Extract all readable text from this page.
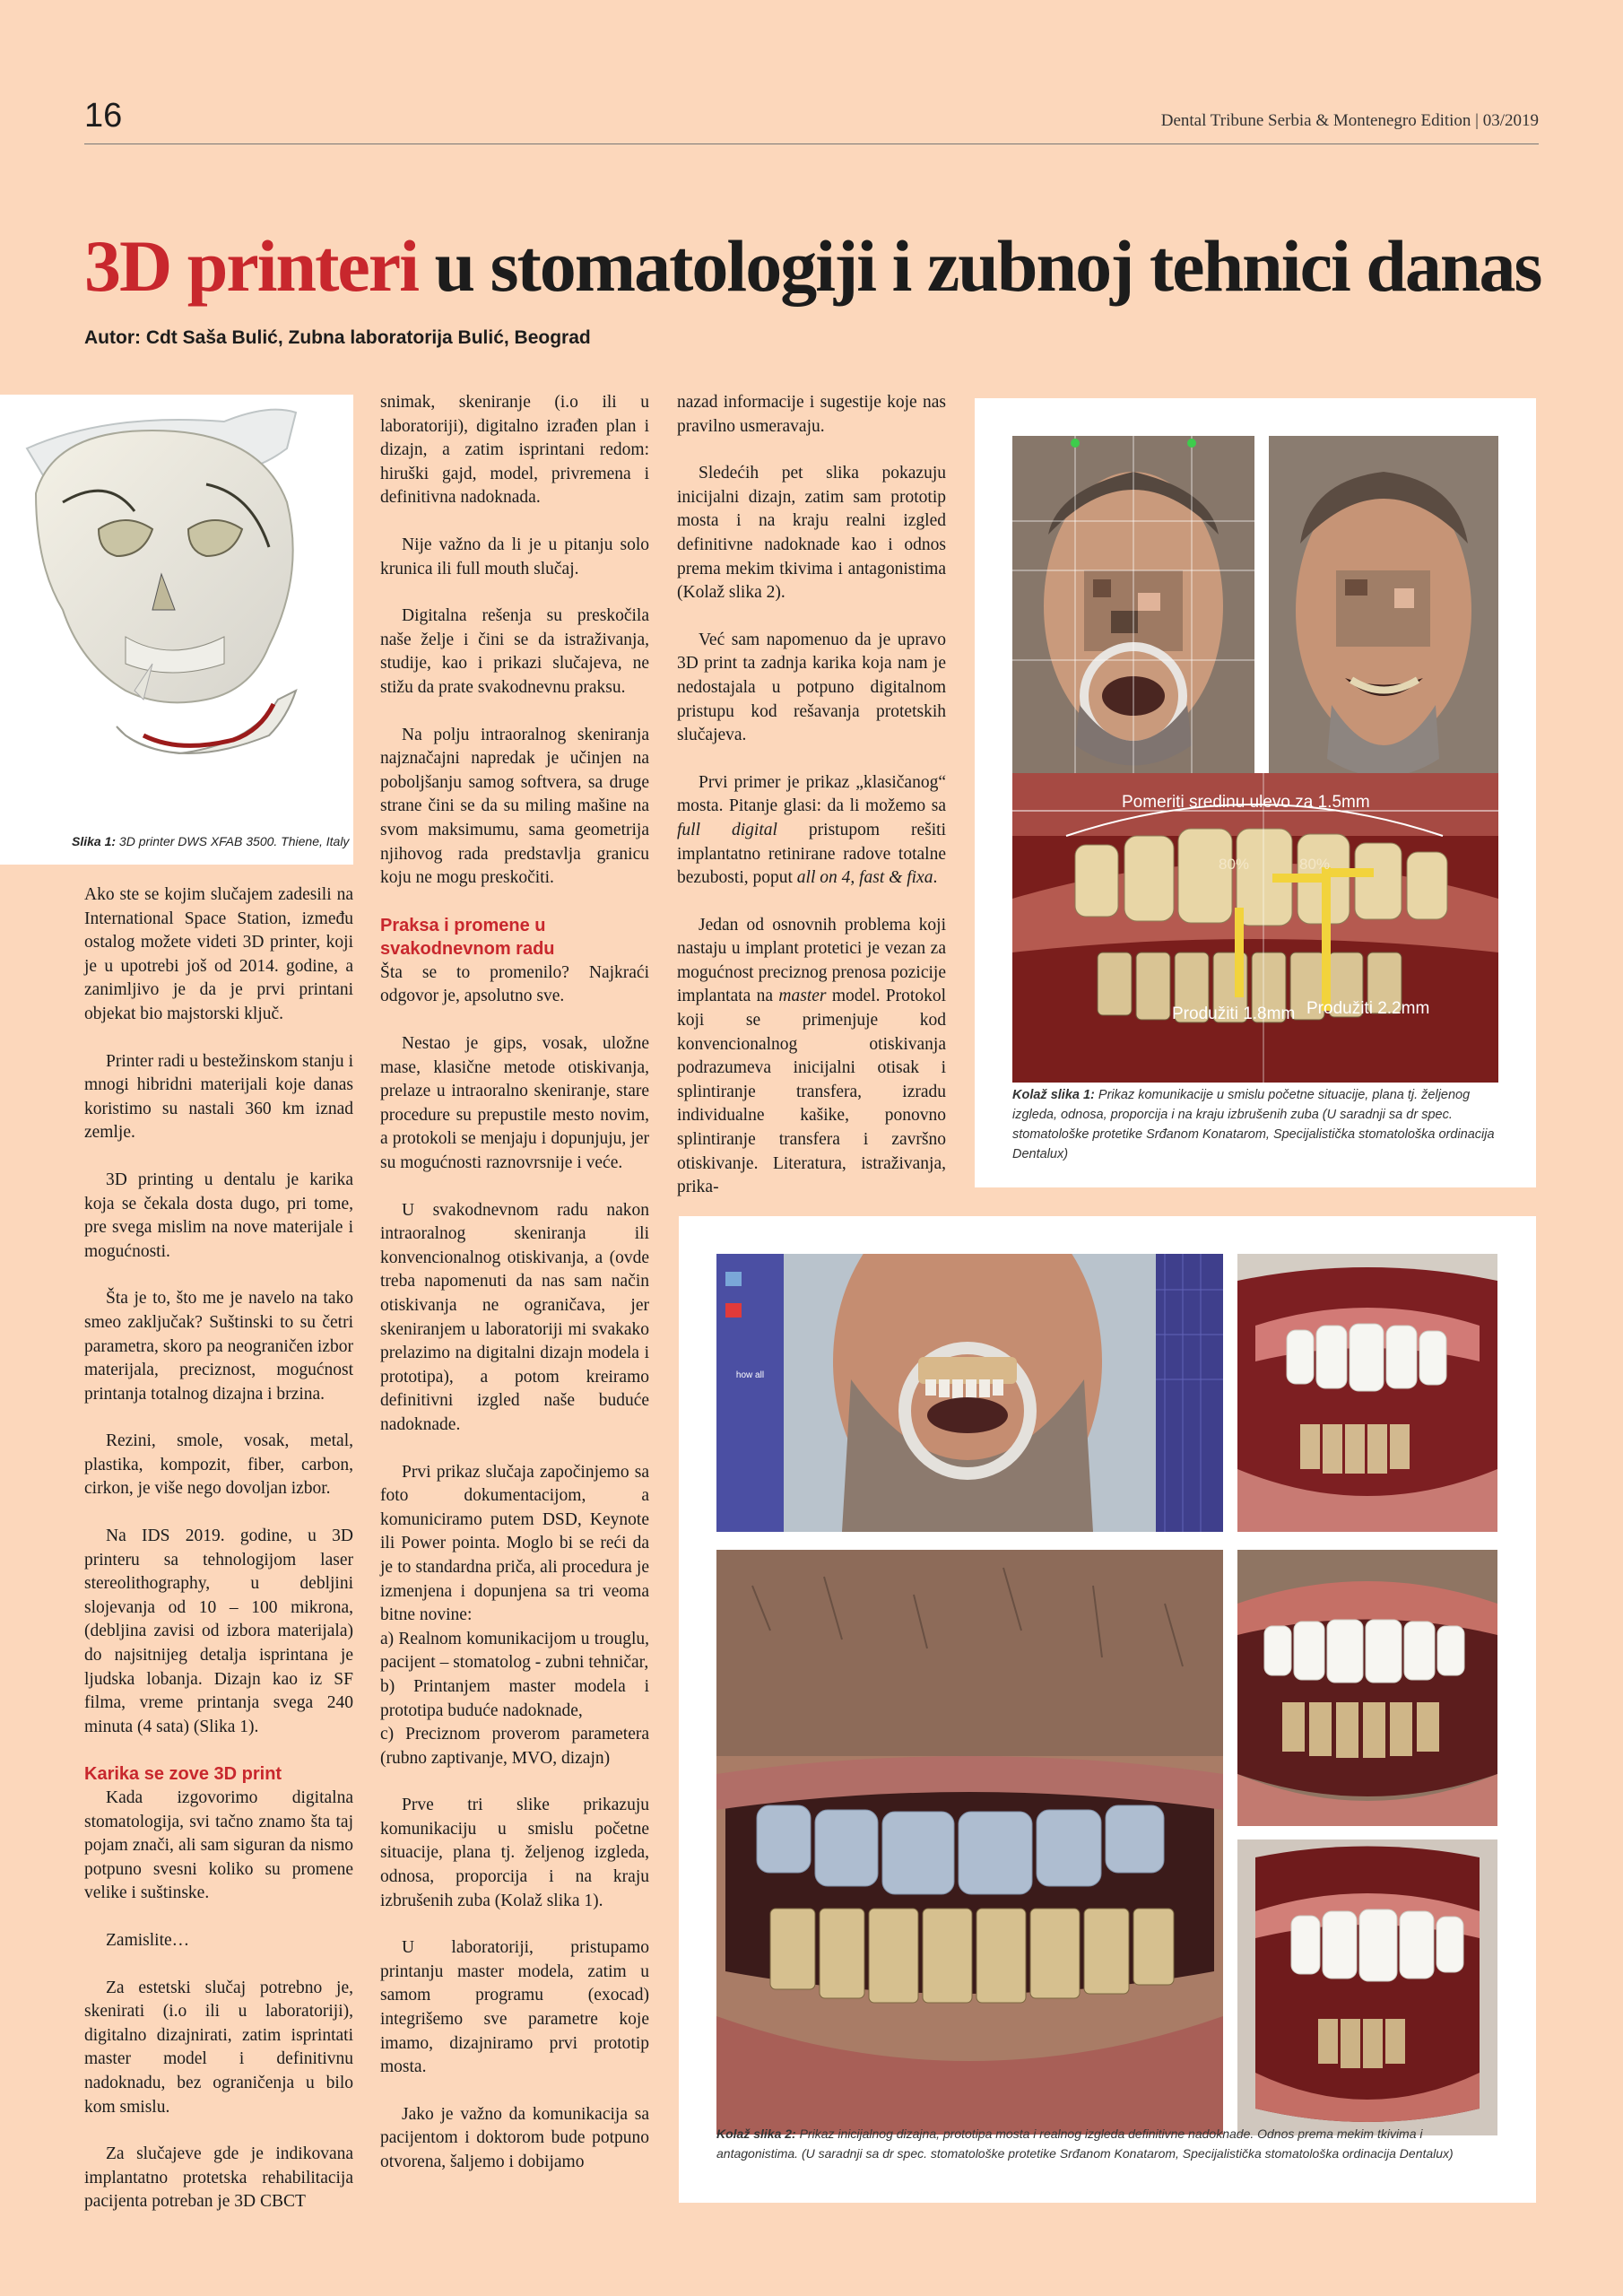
16	Dental Tribune Serbia & Montenegro Edition | 03/2019
3D printeri u stomatologiji i zubnoj tehnici danas
Autor: Cdt Saša Bulić, Zubna laboratorija Bulić, Beograd
Slika 1: 3D printer DWS XFAB 3500. Thiene, Italy

Ako ste se kojim slučajem zadesili na International Space Station, između ostalog možete videti 3D printer, koji je u upotrebi još od 2014. godine, a zanimljivo je da je prvi printani objekat bio majstorski ključ.

Printer radi u bestežinskom stanju i mnogi hibridni materijali koje danas koristimo su nastali 360 km iznad zemlje.

3D printing u dentalu je karika koja se čekala dosta dugo, pri tome, pre svega mislim na nove materijale i mogućnosti.

Šta je to, što me je navelo na tako smeo zaključak? Suštinski to su četri parametra, skoro pa neograničen izbor materijala, preciznost, mogućnost printanja totalnog dizajna i brzina.

Rezini, smole, vosak, metal, plastika, kompozit, fiber, carbon, cirkon, je više nego dovoljan izbor.

Na IDS 2019. godine, u 3D printeru sa tehnologijom laser stereolithography, u debljini slojevanja od 10 – 100 mikrona, (debljina zavisi od izbora materijala) do najsitnijeg detalja isprintana je ljudska lobanja. Dizajn kao iz SF filma, vreme printanja svega 240 minuta (4 sata) (Slika 1).

Karika se zove 3D print

Kada izgovorimo digitalna stomatologija, svi tačno znamo šta taj pojam znači, ali sam siguran da nismo potpuno svesni koliko su promene velike i suštinske.

Zamislite…

Za estetski slučaj potrebno je, skenirati (i.o ili u laboratoriji), digitalno dizajnirati, zatim isprintati master model i definitivnu nadoknadu, bez ograničenja u bilo kom smislu.

Za slučajeve gde je indikovana implantatno protetska rehabilitacija pacijenta potreban je 3D CBCT

snimak, skeniranje (i.o ili u laboratoriji), digitalno izrađen plan i dizajn, a zatim isprintani redom: hiruški gajd, model, privremena i definitivna nadoknada.

Nije važno da li je u pitanju solo krunica ili full mouth slučaj.

Digitalna rešenja su preskočila naše želje i čini se da istraživanja, studije, kao i prikazi slučajeva, ne stižu da prate svakodnevnu praksu.

Na polju intraoralnog skeniranja najznačajni napredak je učinjen na poboljšanju samog softvera, sa druge strane čini se da su miling mašine na svom maksimumu, sama geometrija njihovog rada predstavlja granicu koju ne mogu preskočiti.

Praksa i promene u svakodnevnom radu

Šta se to promenilo? Najkraći odgovor je, apsolutno sve.

Nestao je gips, vosak, uložne mase, klasične metode otiskivanja, prelaze u intraoralno skeniranje, stare procedure su prepustile mesto novim, a protokoli se menjaju i dopunjuju, jer su mogućnosti raznovrsnije i veće.

U svakodnevnom radu nakon intraoralnog skeniranja ili konvencionalnog otiskivanja, a (ovde treba napomenuti da nas sam način otiskivanja ne ograničava, jer skeniranjem u laboratoriji mi svakako prelazimo na digitalni dizajn modela i prototipa), a potom kreiramo definitivni izgled naše buduće nadoknade.

Prvi prikaz slučaja započinjemo sa foto dokumentacijom, a komuniciramo putem DSD, Keynote ili Power pointa. Moglo bi se reći da je to standardna priča, ali procedura je izmenjena i dopunjena sa tri veoma bitne novine:

a) Realnom komunikacijom u trouglu, pacijent – stomatolog - zubni tehničar,
b) Printanjem master modela i prototipa buduće nadoknade,
c) Preciznom proverom parametera (rubno zaptivanje, MVO, dizajn)

Prve tri slike prikazuju komunikaciju u smislu početne situacije, plana tj. željenog izgleda, odnosa, proporcija i na kraju izbrušenih zuba (Kolaž slika 1).

U laboratoriji, pristupamo printanju master modela, zatim u samom programu (exocad) integrišemo sve parametre koje imamo, dizajniramo prvi prototip mosta.

Jako je važno da komunikacija sa pacijentom i doktorom bude potpuno otvorena, šaljemo i dobijamo

nazad informacije i sugestije koje nas pravilno usmeravaju.

Sledećih pet slika pokazuju inicijalni dizajn, zatim sam prototip mosta i na kraju realni izgled definitivne nadoknade kao i odnos prema mekim tkivima i antagonistima (Kolaž slika 2).

Već sam napomenuo da je upravo 3D print ta zadnja karika koja nam je nedostajala u potpuno digitalnom pristupu kod rešavanja protetskih slučajeva.

Prvi primer je prikaz „klasičanog“ mosta. Pitanje glasi: da li možemo sa full digital pristupom rešiti implantatno retinirane radove totalne bezubosti, poput all on 4, fast & fixa.

Jedan od osnovnih problema koji nastaju u implant protetici je vezan za mogućnost preciznog prenosa pozicije implantata na master model. Protokol koji se primenjuje kod konvencionalnog otiskivanja podrazumeva inicijalni otisak i splintiranje transfera, izradu individualne kašike, ponovno splintiranje transfera i završno otiskivanje. Literatura, istraživanja, prika-

Pomeriti sredinu ulevo za 1.5mm
80%	80%
Produžiti 1.8mm Produžiti 2.2mm
Kolaž slika 1: Prikaz komunikacije u smislu početne situacije, plana tj. željenog izgleda, odnosa, proporcija i na kraju izbrušenih zuba (U saradnji sa dr spec. stomatološke protetike Srđanom Konatarom, Specijalistička stomatološka ordinacija Dentalux)
how all
Kolaž slika 2: Prikaz inicijalnog dizajna, prototipa mosta i realnog izgleda definitivne nadoknade. Odnos prema mekim tkivima i antagonistima. (U saradnji sa dr spec. stomatološke protetike Srđanom Konatarom, Specijalistička stomatološka ordinacija Dentalux)
